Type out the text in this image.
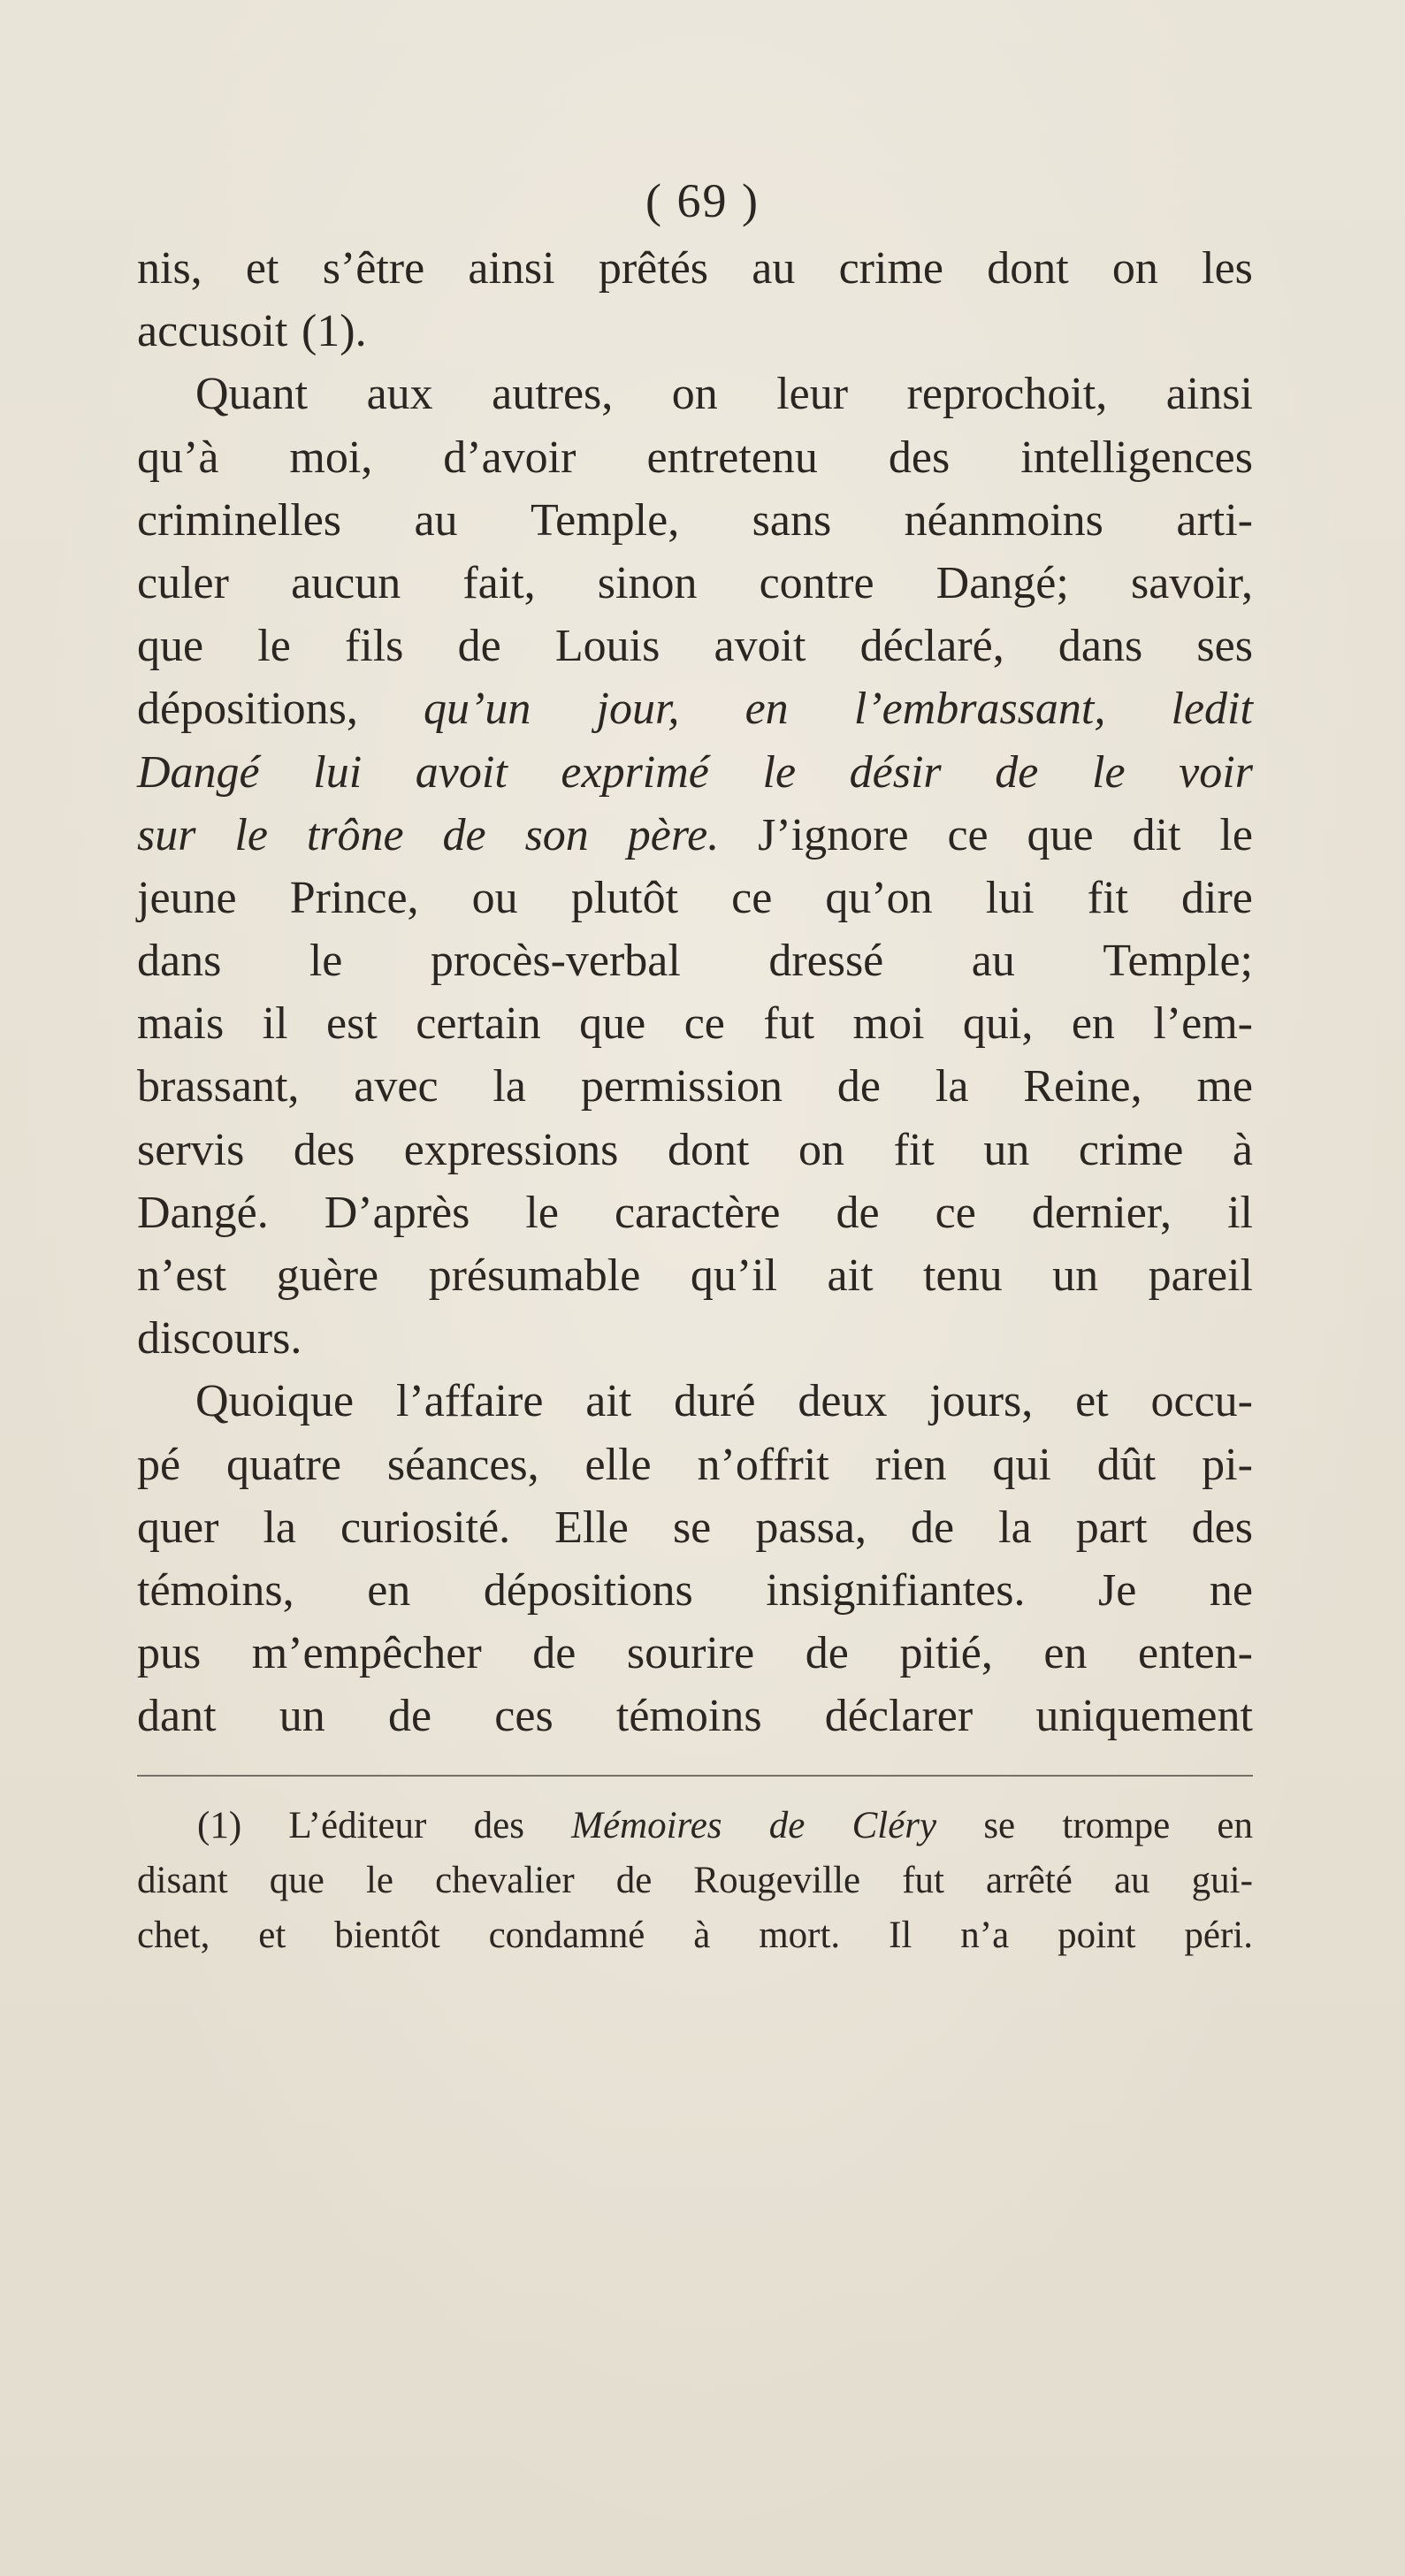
( 69 )
nis, et s’être ainsi prêtés au crime dont on les
accusoit (1).
Quant aux autres, on leur reprochoit, ainsi
qu’à moi, d’avoir entretenu des intelligences
criminelles au Temple, sans néanmoins arti-
culer aucun fait, sinon contre Dangé; savoir,
que le fils de Louis avoit déclaré, dans ses
dépositions, qu’un jour, en l’embrassant, ledit
Dangé lui avoit exprimé le désir de le voir
sur le trône de son père. J’ignore ce que dit le
jeune Prince, ou plutôt ce qu’on lui fit dire
dans le procès-verbal dressé au Temple;
mais il est certain que ce fut moi qui, en l’em-
brassant, avec la permission de la Reine, me
servis des expressions dont on fit un crime à
Dangé. D’après le caractère de ce dernier, il
n’est guère présumable qu’il ait tenu un pareil
discours.
Quoique l’affaire ait duré deux jours, et occu-
pé quatre séances, elle n’offrit rien qui dût pi-
quer la curiosité. Elle se passa, de la part des
témoins, en dépositions insignifiantes. Je ne
pus m’empêcher de sourire de pitié, en enten-
dant un de ces témoins déclarer uniquement
(1) L’éditeur des Mémoires de Cléry se trompe en
disant que le chevalier de Rougeville fut arrêté au gui-
chet, et bientôt condamné à mort. Il n’a point péri.
